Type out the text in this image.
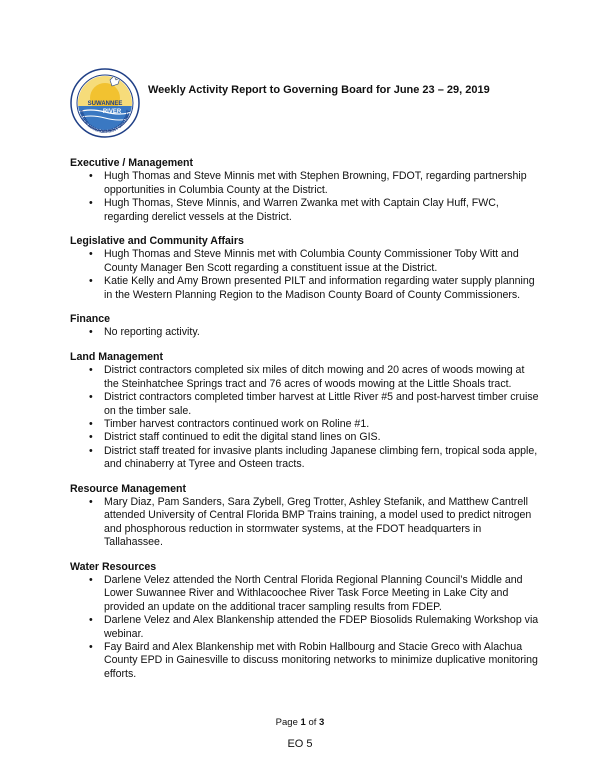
SUWANNEE
RIVER
WATER MANAGEMENT DISTRICT
Weekly Activity Report to Governing Board for June 23 – 29, 2019

Executive / Management

• Hugh Thomas and Steve Minnis met with Stephen Browning, FDOT, regarding partnership opportunities in Columbia County at the District.
• Hugh Thomas, Steve Minnis, and Warren Zwanka met with Captain Clay Huff, FWC, regarding derelict vessels at the District.

Legislative and Community Affairs

• Hugh Thomas and Steve Minnis met with Columbia County Commissioner Toby Witt and County Manager Ben Scott regarding a constituent issue at the District.
• Katie Kelly and Amy Brown presented PILT and information regarding water supply planning in the Western Planning Region to the Madison County Board of County Commissioners.

Finance

• No reporting activity.

Land Management

• District contractors completed six miles of ditch mowing and 20 acres of woods mowing at the Steinhatchee Springs tract and 76 acres of woods mowing at the Little Shoals tract.
• District contractors completed timber harvest at Little River #5 and post-harvest timber cruise on the timber sale.
• Timber harvest contractors continued work on Roline #1.
• District staff continued to edit the digital stand lines on GIS.
• District staff treated for invasive plants including Japanese climbing fern, tropical soda apple, and chinaberry at Tyree and Osteen tracts.

Resource Management

• Mary Diaz, Pam Sanders, Sara Zybell, Greg Trotter, Ashley Stefanik, and Matthew Cantrell attended University of Central Florida BMP Trains training, a model used to predict nitrogen and phosphorous reduction in stormwater systems, at the FDOT headquarters in Tallahassee.

Water Resources

• Darlene Velez attended the North Central Florida Regional Planning Council’s Middle and Lower Suwannee River and Withlacoochee River Task Force Meeting in Lake City and provided an update on the additional tracer sampling results from FDEP.
• Darlene Velez and Alex Blankenship attended the FDEP Biosolids Rulemaking Workshop via webinar.
• Fay Baird and Alex Blankenship met with Robin Hallbourg and Stacie Greco with Alachua County EPD in Gainesville to discuss monitoring networks to minimize duplicative monitoring efforts.
Page 1 of 3
EO 5
